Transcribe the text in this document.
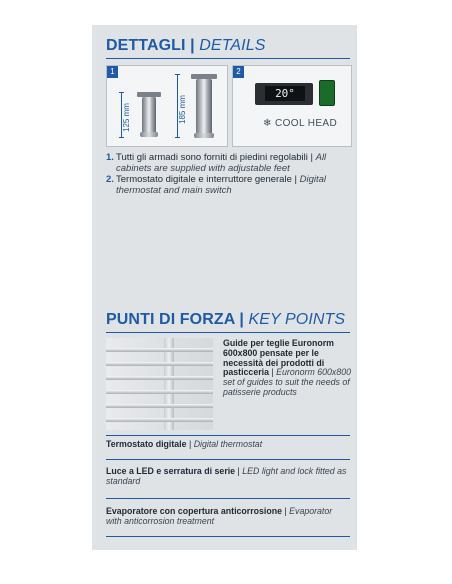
DETTAGLI | DETAILS
1
125 mm	185 mm
2
20°
❄ COOL HEAD
1. Tutti gli armadi sono forniti di piedini regolabili | All cabinets are supplied with adjustable feet
2. Termostato digitale e interruttore generale | Digital thermostat and main switch
PUNTI DI FORZA | KEY POINTS
Guide per teglie Euronorm 600x800 pensate per le necessità dei prodotti di pasticceria | Euronorm 600x800 set of guides to suit the needs of patisserie products
Termostato digitale | Digital thermostat
Luce a LED e serratura di serie | LED light and lock fitted as standard
Evaporatore con copertura anticorrosione | Evaporator with anticorrosion treatment
